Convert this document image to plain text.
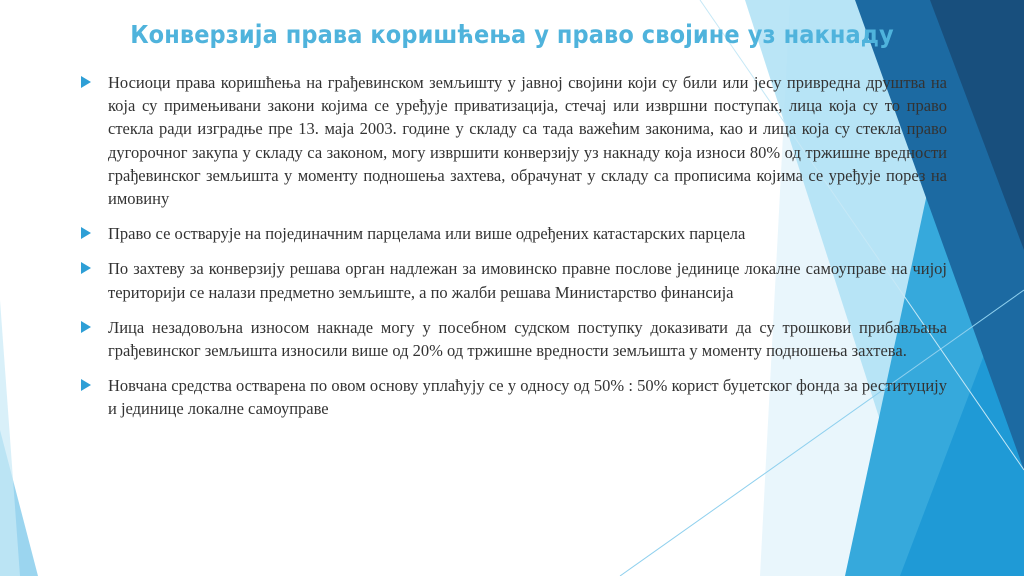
Конверзија права коришћења у право својине уз накнаду
Носиоци права коришћења на грађевинском земљишту у јавној својини који су били или јесу привредна друштва на која су примењивани закони којима се уређује приватизација, стечај или извршни поступак, лица која су то право стекла ради изградње пре 13. маја 2003. године у складу са тада важећим законима, као и лица која су стекла право дугорочног закупа у складу са законом, могу извршити конверзију уз накнаду која износи 80% од тржишне вредности грађевинског земљишта у моменту подношења захтева, обрачунат у складу са прописима којима се уређује порез на имовину
Право се остварује на појединачним парцелама или више одређених катастарских парцела
По захтеву за конверзију решава орган надлежан за имовинско правне послове јединице локалне самоуправе на чијој територији се налази предметно земљиште, а по жалби решава Министарство финансија
Лица незадовољна износом накнаде могу у посебном судском поступку доказивати да су трошкови прибављања грађевинског земљишта износили више од 20% од тржишне вредности земљишта у моменту подношења захтева.
Новчана средства остварена по овом основу уплаћују се у односу од 50% : 50% корист буџетског фонда за реституцију и јединице локалне самоуправе
